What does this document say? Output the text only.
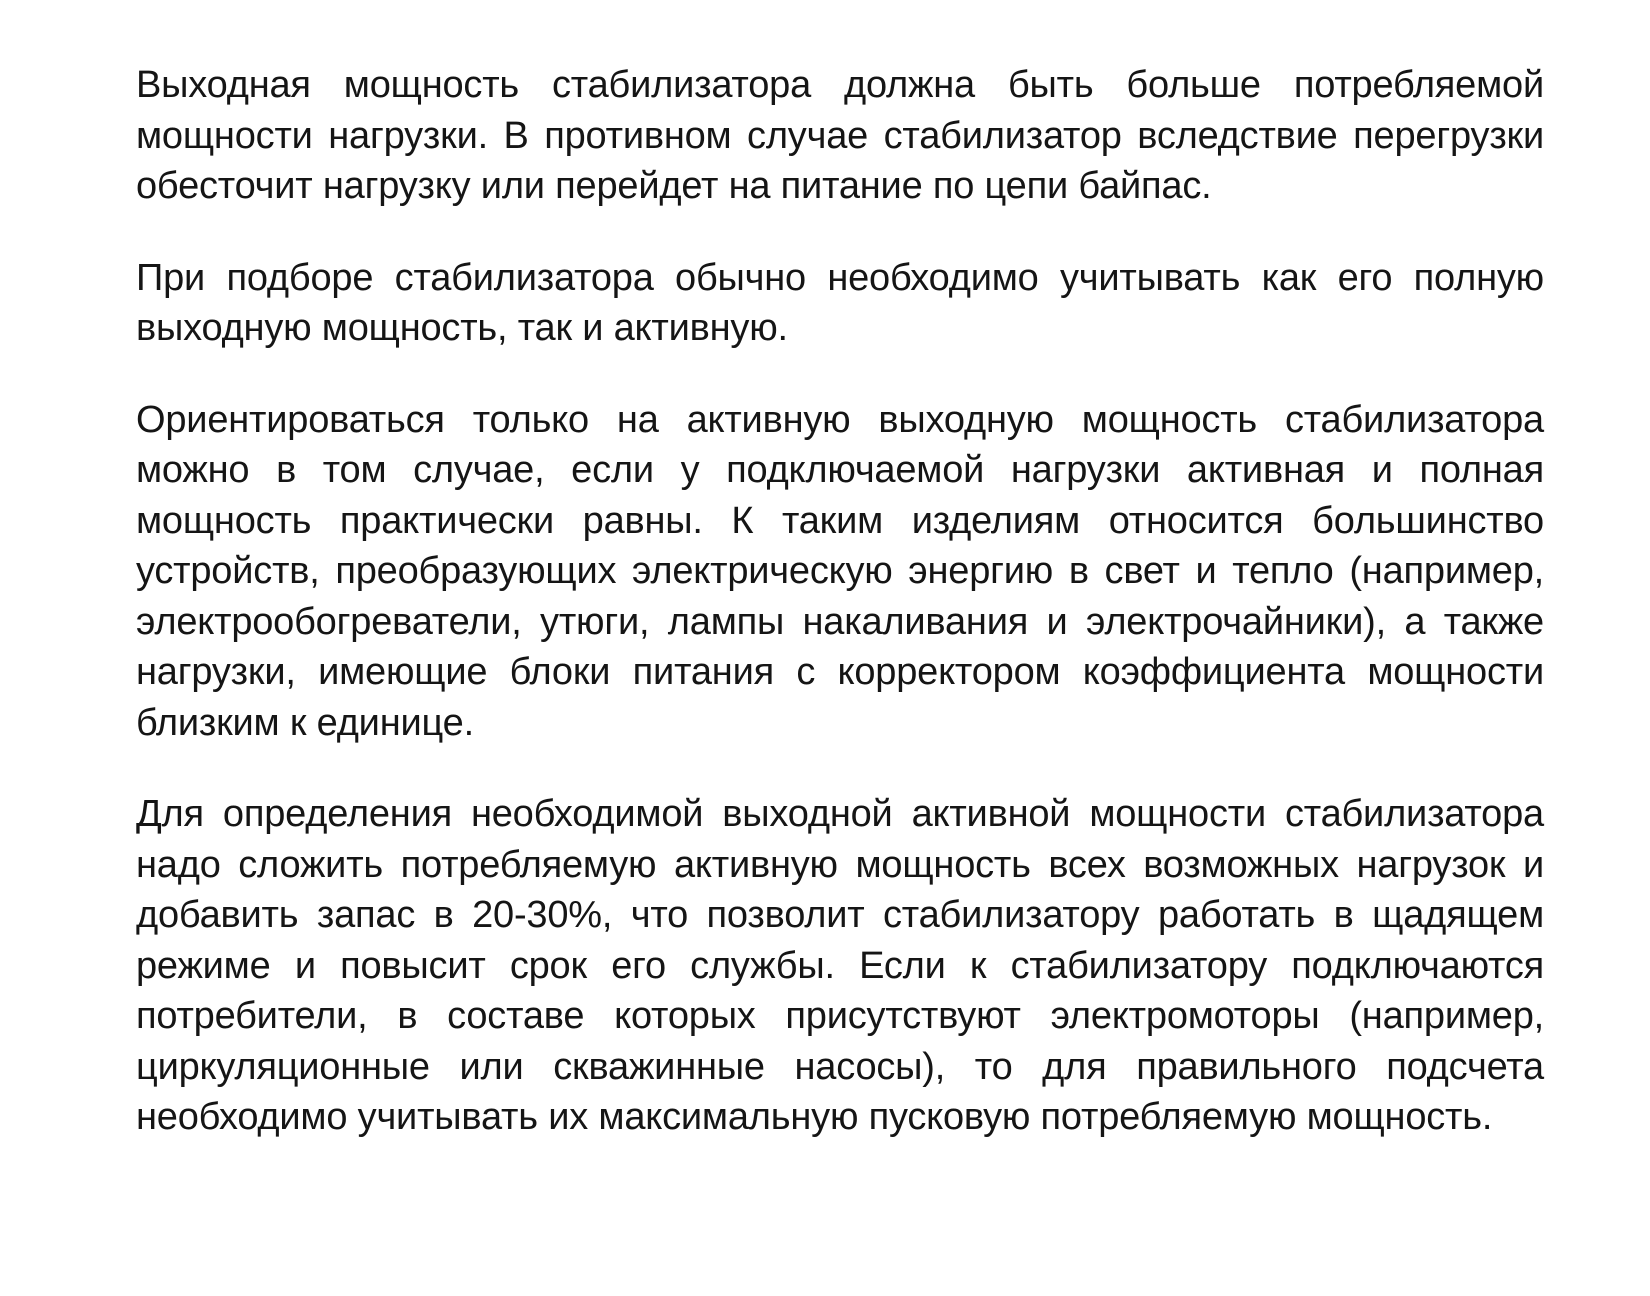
Выходная мощность стабилизатора должна быть больше потребляемой мощности нагрузки. В противном случае стабилизатор вследствие перегрузки обесточит нагрузку или перейдет на питание по цепи байпас.

При подборе стабилизатора обычно необходимо учитывать как его полную выходную мощность, так и активную.

Ориентироваться только на активную выходную мощность стабилизатора можно в том случае, если у подключаемой нагрузки активная и полная мощность практически равны. К таким изделиям относится большинство устройств, преобразующих электрическую энергию в свет и тепло (например, электрообогреватели, утюги, лампы накаливания и электрочайники), а также нагрузки, имеющие блоки питания с корректором коэффициента мощности близким к единице.

Для определения необходимой выходной активной мощности стабилизатора надо сложить потребляемую активную мощность всех возможных нагрузок и добавить запас в 20-30%, что позволит стабилизатору работать в щадящем режиме и повысит срок его службы. Если к стабилизатору подключаются потребители, в составе которых присутствуют электромоторы (например, циркуляционные или скважинные насосы), то для правильного подсчета необходимо учитывать их максимальную пусковую потребляемую мощность.
